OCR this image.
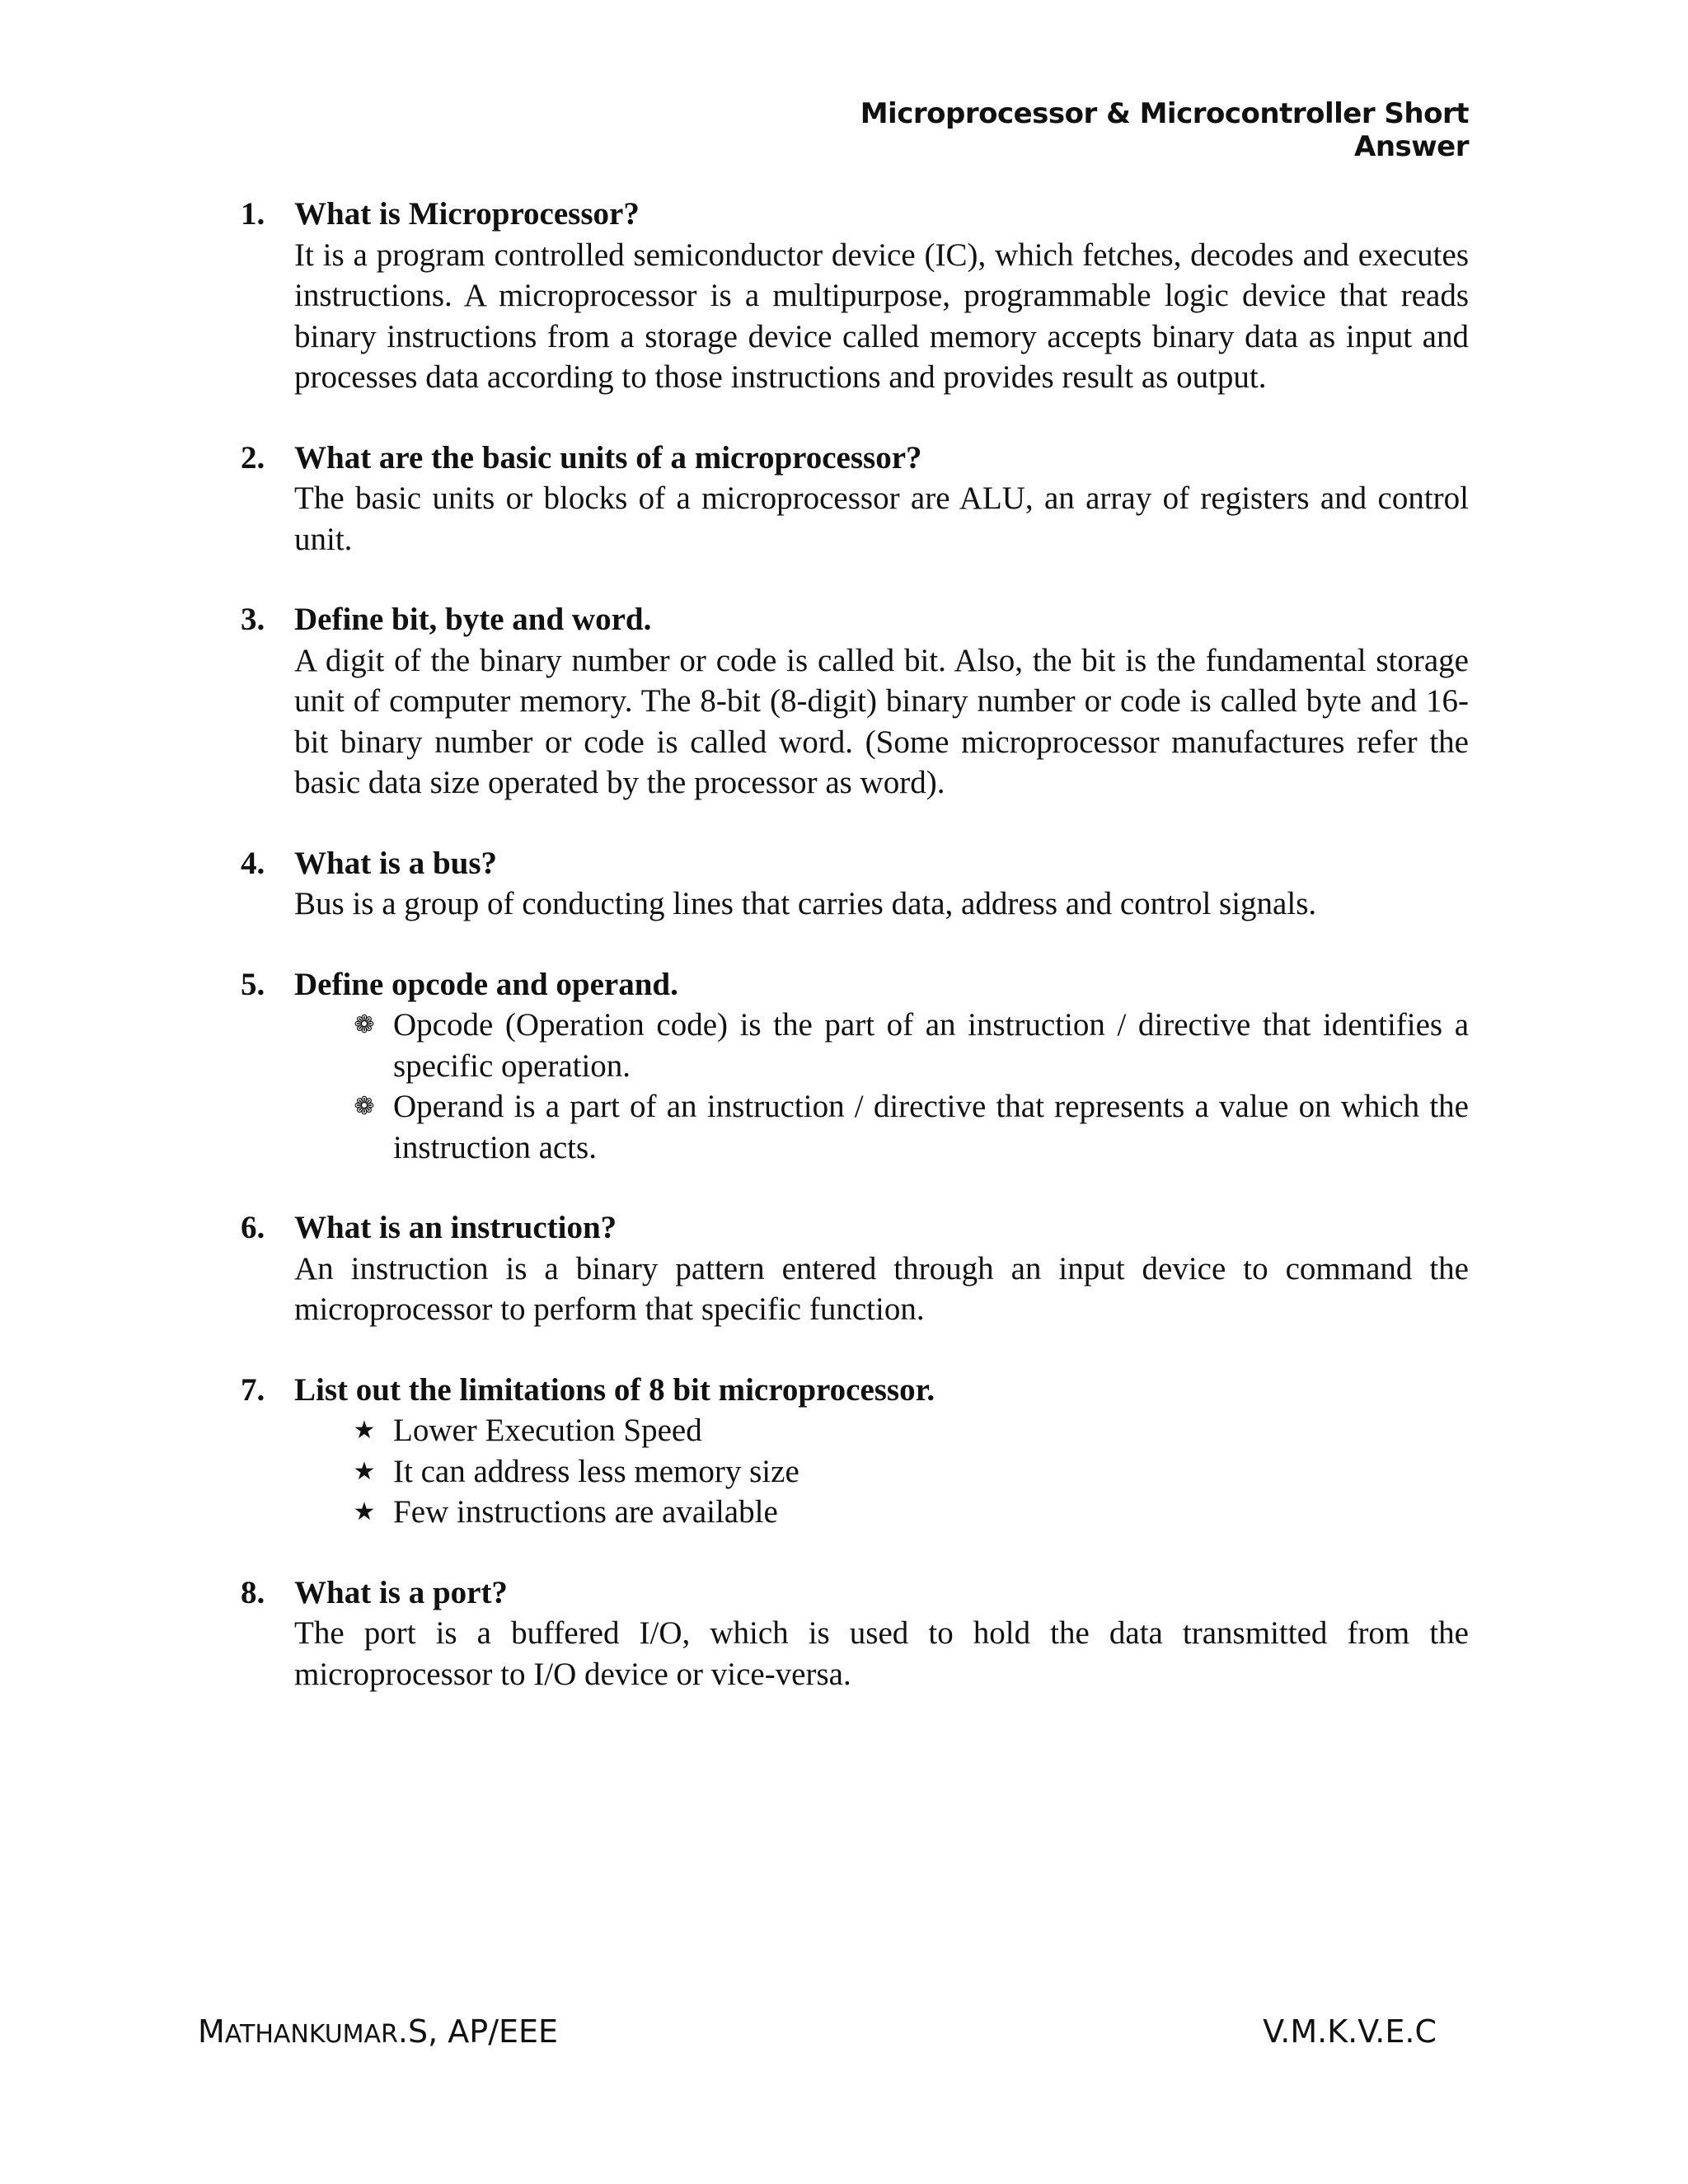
Microprocessor & Microcontroller Short Answer
1. What is Microprocessor?
It is a program controlled semiconductor device (IC), which fetches, decodes and executes instructions. A microprocessor is a multipurpose, programmable logic device that reads binary instructions from a storage device called memory accepts binary data as input and processes data according to those instructions and provides result as output.
2. What are the basic units of a microprocessor?
The basic units or blocks of a microprocessor are ALU, an array of registers and control unit.
3. Define bit, byte and word.
A digit of the binary number or code is called bit. Also, the bit is the fundamental storage unit of computer memory. The 8-bit (8-digit) binary number or code is called byte and 16-bit binary number or code is called word. (Some microprocessor manufactures refer the basic data size operated by the processor as word).
4. What is a bus?
Bus is a group of conducting lines that carries data, address and control signals.
5. Define opcode and operand.
❁ Opcode (Operation code) is the part of an instruction / directive that identifies a specific operation.
❁ Operand is a part of an instruction / directive that represents a value on which the instruction acts.
6. What is an instruction?
An instruction is a binary pattern entered through an input device to command the microprocessor to perform that specific function.
7. List out the limitations of 8 bit microprocessor.
★ Lower Execution Speed
★ It can address less memory size
★ Few instructions are available
8. What is a port?
The port is a buffered I/O, which is used to hold the data transmitted from the microprocessor to I/O device or vice-versa.
MATHANKUMAR.S, AP/EEE	V.M.K.V.E.C
